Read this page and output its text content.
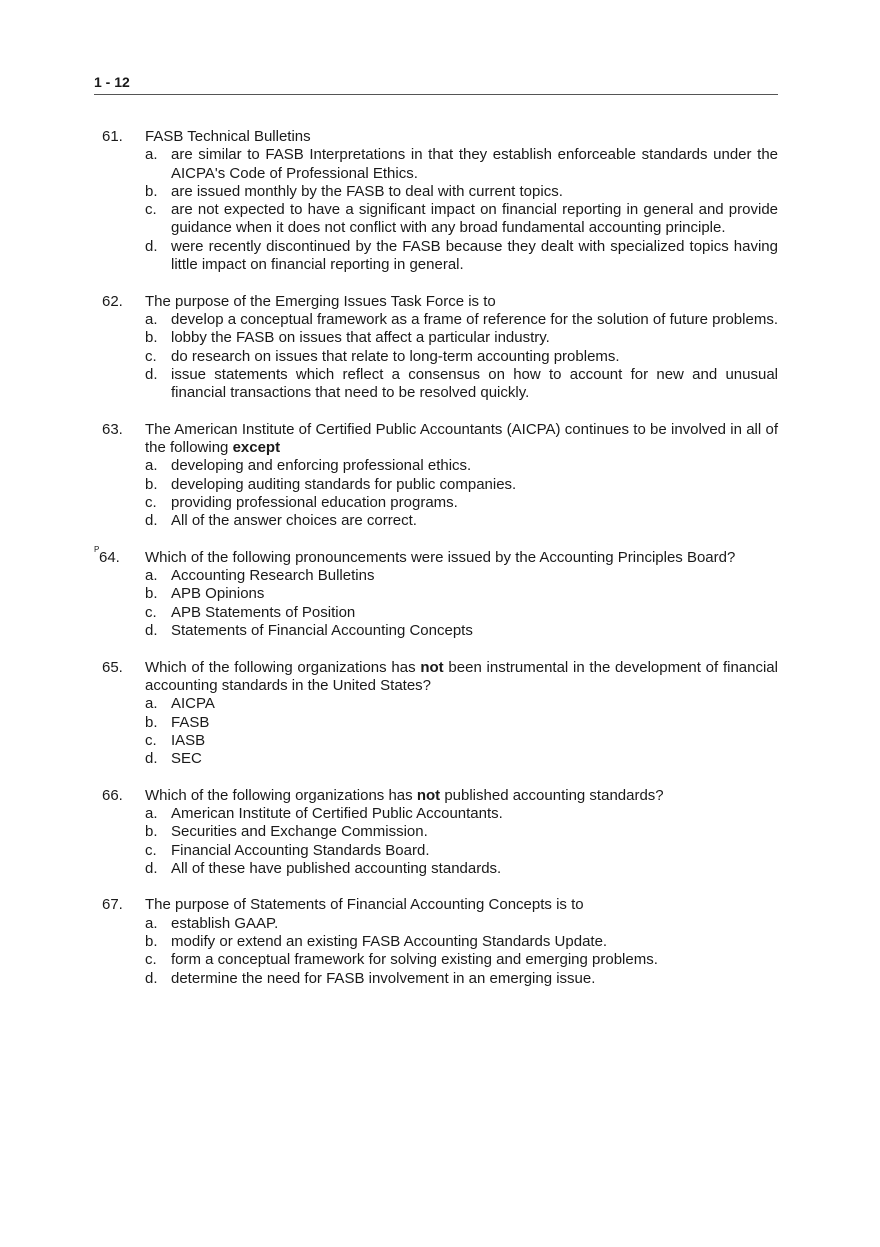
1 - 12
61. FASB Technical Bulletins
a. are similar to FASB Interpretations in that they establish enforceable standards under the AICPA's Code of Professional Ethics.
b. are issued monthly by the FASB to deal with current topics.
c. are not expected to have a significant impact on financial reporting in general and provide guidance when it does not conflict with any broad fundamental accounting principle.
d. were recently discontinued by the FASB because they dealt with specialized topics having little impact on financial reporting in general.
62. The purpose of the Emerging Issues Task Force is to
a. develop a conceptual framework as a frame of reference for the solution of future problems.
b. lobby the FASB on issues that affect a particular industry.
c. do research on issues that relate to long-term accounting problems.
d. issue statements which reflect a consensus on how to account for new and unusual financial transactions that need to be resolved quickly.
63. The American Institute of Certified Public Accountants (AICPA) continues to be involved in all of the following except
a. developing and enforcing professional ethics.
b. developing auditing standards for public companies.
c. providing professional education programs.
d. All of the answer choices are correct.
P 64. Which of the following pronouncements were issued by the Accounting Principles Board?
a. Accounting Research Bulletins
b. APB Opinions
c. APB Statements of Position
d. Statements of Financial Accounting Concepts
65. Which of the following organizations has not been instrumental in the development of financial accounting standards in the United States?
a. AICPA
b. FASB
c. IASB
d. SEC
66. Which of the following organizations has not published accounting standards?
a. American Institute of Certified Public Accountants.
b. Securities and Exchange Commission.
c. Financial Accounting Standards Board.
d. All of these have published accounting standards.
67. The purpose of Statements of Financial Accounting Concepts is to
a. establish GAAP.
b. modify or extend an existing FASB Accounting Standards Update.
c. form a conceptual framework for solving existing and emerging problems.
d. determine the need for FASB involvement in an emerging issue.
